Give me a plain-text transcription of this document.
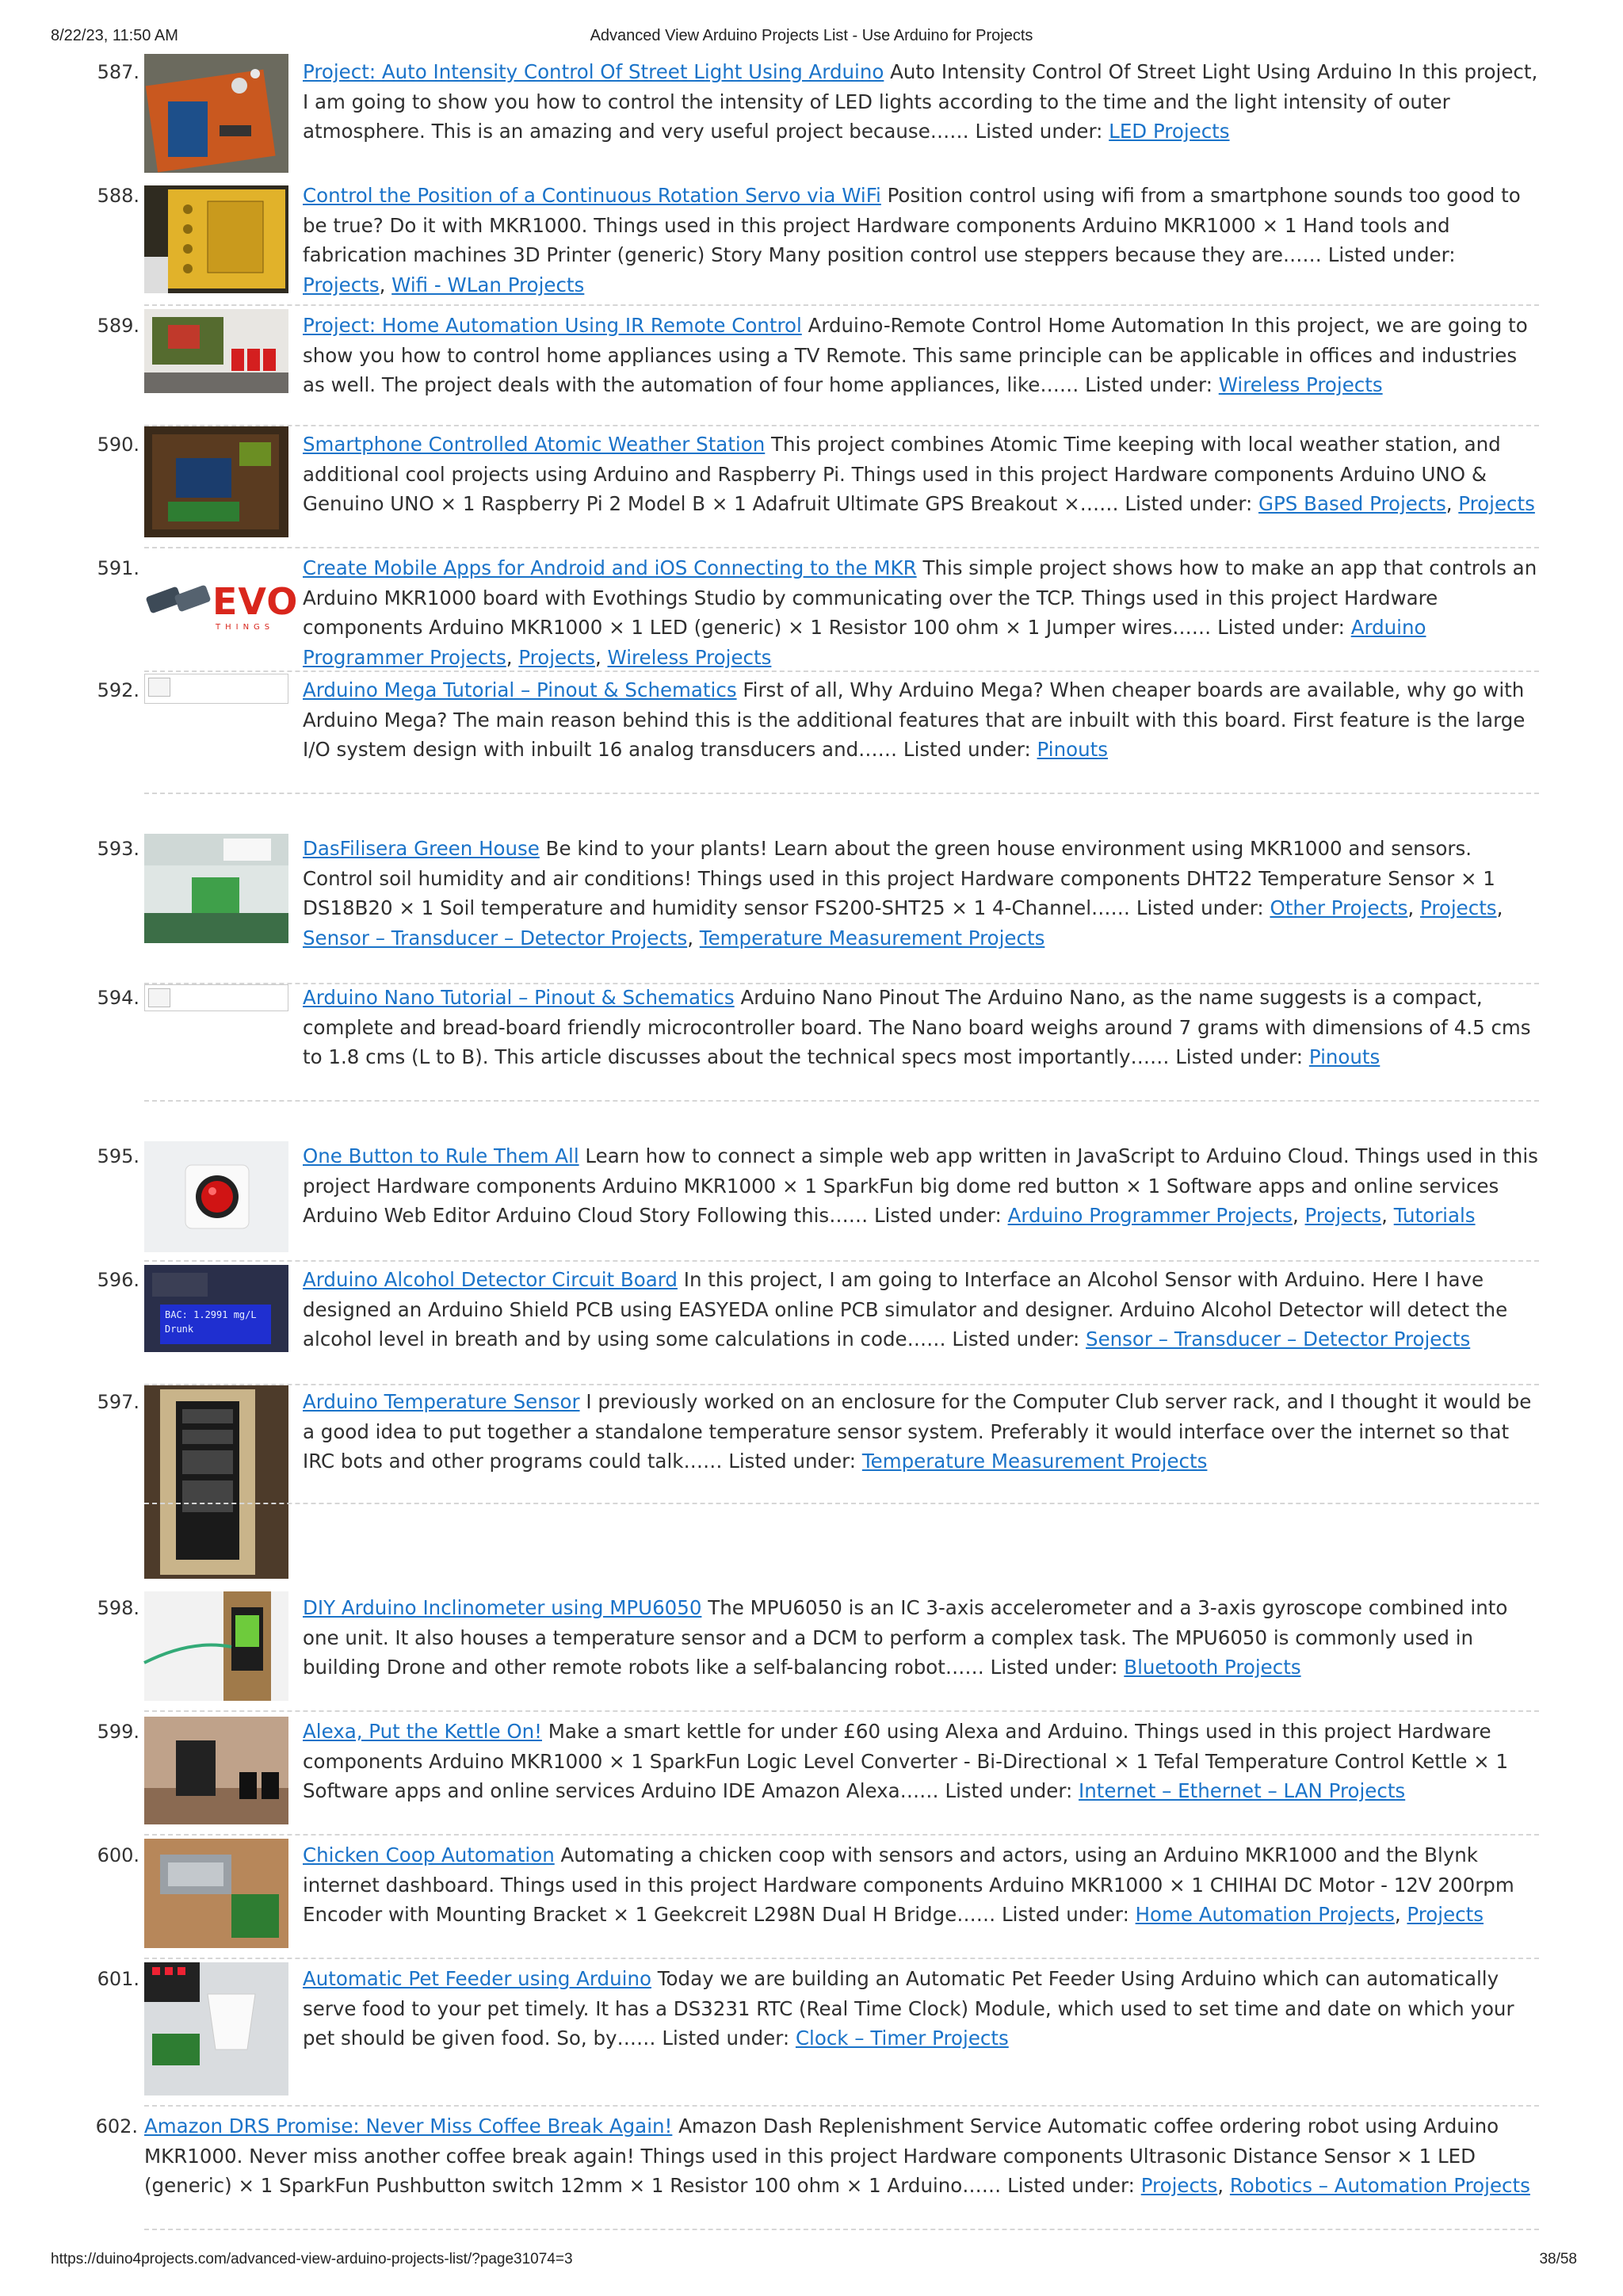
8/22/23, 11:50 AM	Advanced View Arduino Projects List - Use Arduino for Projects
587.	Project: Auto Intensity Control Of Street Light Using Arduino Auto Intensity Control Of Street Light Using Arduino In this project, I am going to show you how to control the intensity of LED lights according to the time and the light intensity of outer atmosphere. This is an amazing and very useful project because…… Listed under: LED Projects
588.	Control the Position of a Continuous Rotation Servo via WiFi Position control using wifi from a smartphone sounds too good to be true? Do it with MKR1000. Things used in this project Hardware components Arduino MKR1000 × 1 Hand tools and fabrication machines 3D Printer (generic) Story Many position control use steppers because they are…… Listed under: Projects, Wifi - WLan Projects
589.	Project: Home Automation Using IR Remote Control Arduino-Remote Control Home Automation In this project, we are going to show you how to control home appliances using a TV Remote. This same principle can be applicable in offices and industries as well. The project deals with the automation of four home appliances, like…… Listed under: Wireless Projects
590.	Smartphone Controlled Atomic Weather Station This project combines Atomic Time keeping with local weather station, and additional cool projects using Arduino and Raspberry Pi. Things used in this project Hardware components Arduino UNO & Genuino UNO × 1 Raspberry Pi 2 Model B × 1 Adafruit Ultimate GPS Breakout ×…… Listed under: GPS Based Projects, Projects
591.
EVO
THINGS
Create Mobile Apps for Android and iOS Connecting to the MKR This simple project shows how to make an app that controls an Arduino MKR1000 board with Evothings Studio by communicating over the TCP. Things used in this project Hardware components Arduino MKR1000 × 1 LED (generic) × 1 Resistor 100 ohm × 1 Jumper wires…… Listed under: Arduino Programmer Projects, Projects, Wireless Projects
592.	Arduino Mega Tutorial – Pinout & Schematics First of all, Why Arduino Mega? When cheaper boards are available, why go with Arduino Mega? The main reason behind this is the additional features that are inbuilt with this board. First feature is the large I/O system design with inbuilt 16 analog transducers and…… Listed under: Pinouts
593.	DasFilisera Green House Be kind to your plants! Learn about the green house environment using MKR1000 and sensors. Control soil humidity and air conditions! Things used in this project Hardware components DHT22 Temperature Sensor × 1 DS18B20 × 1 Soil temperature and humidity sensor FS200-SHT25 × 1 4-Channel…… Listed under: Other Projects, Projects, Sensor – Transducer – Detector Projects, Temperature Measurement Projects
594.	Arduino Nano Tutorial – Pinout & Schematics Arduino Nano Pinout The Arduino Nano, as the name suggests is a compact, complete and bread-board friendly microcontroller board. The Nano board weighs around 7 grams with dimensions of 4.5 cms to 1.8 cms (L to B). This article discusses about the technical specs most importantly…… Listed under: Pinouts
595.	One Button to Rule Them All Learn how to connect a simple web app written in JavaScript to Arduino Cloud. Things used in this project Hardware components Arduino MKR1000 × 1 SparkFun big dome red button × 1 Software apps and online services Arduino Web Editor Arduino Cloud Story Following this…… Listed under: Arduino Programmer Projects, Projects, Tutorials
596.
BAC: 1.2991 mg/L
Drunk
Arduino Alcohol Detector Circuit Board In this project, I am going to Interface an Alcohol Sensor with Arduino. Here I have designed an Arduino Shield PCB using EASYEDA online PCB simulator and designer. Arduino Alcohol Detector will detect the alcohol level in breath and by using some calculations in code…… Listed under: Sensor – Transducer – Detector Projects
597.	Arduino Temperature Sensor I previously worked on an enclosure for the Computer Club server rack, and I thought it would be a good idea to put together a standalone temperature sensor system. Preferably it would interface over the internet so that IRC bots and other programs could talk…… Listed under: Temperature Measurement Projects
598.	DIY Arduino Inclinometer using MPU6050 The MPU6050 is an IC 3-axis accelerometer and a 3-axis gyroscope combined into one unit. It also houses a temperature sensor and a DCM to perform a complex task. The MPU6050 is commonly used in building Drone and other remote robots like a self-balancing robot…… Listed under: Bluetooth Projects
599.	Alexa, Put the Kettle On! Make a smart kettle for under £60 using Alexa and Arduino. Things used in this project Hardware components Arduino MKR1000 × 1 SparkFun Logic Level Converter - Bi-Directional × 1 Tefal Temperature Control Kettle × 1 Software apps and online services Arduino IDE Amazon Alexa…… Listed under: Internet – Ethernet – LAN Projects
600.	Chicken Coop Automation Automating a chicken coop with sensors and actors, using an Arduino MKR1000 and the Blynk internet dashboard. Things used in this project Hardware components Arduino MKR1000 × 1 CHIHAI DC Motor - 12V 200rpm Encoder with Mounting Bracket × 1 Geekcreit L298N Dual H Bridge…… Listed under: Home Automation Projects, Projects
601.	Automatic Pet Feeder using Arduino Today we are building an Automatic Pet Feeder Using Arduino which can automatically serve food to your pet timely. It has a DS3231 RTC (Real Time Clock) Module, which used to set time and date on which your pet should be given food. So, by…… Listed under: Clock – Timer Projects
602. Amazon DRS Promise: Never Miss Coffee Break Again! Amazon Dash Replenishment Service Automatic coffee ordering robot using Arduino MKR1000. Never miss another coffee break again! Things used in this project Hardware components Ultrasonic Distance Sensor × 1 LED (generic) × 1 SparkFun Pushbutton switch 12mm × 1 Resistor 100 ohm × 1 Arduino…… Listed under: Projects, Robotics – Automation Projects
https://duino4projects.com/advanced-view-arduino-projects-list/?page31074=3	38/58
